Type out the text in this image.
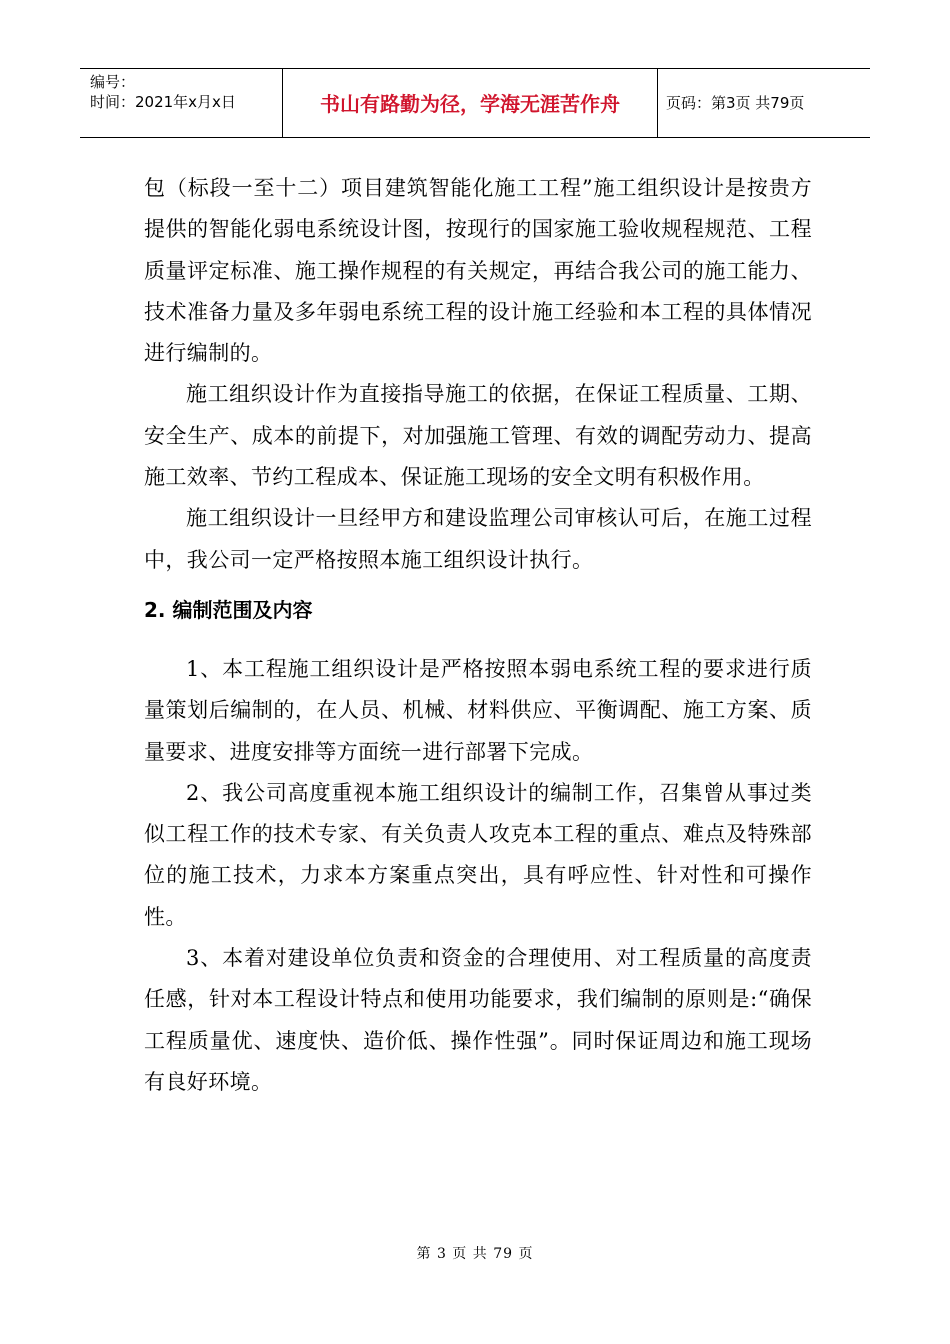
编号：
时间：2021年x月x日	书山有路勤为径，学海无涯苦作舟	页码：第3页 共79页

包（标段一至十二）项目建筑智能化施工工程”施工组织设计是按贵方提供的智能化弱电系统设计图，按现行的国家施工验收规程规范、工程质量评定标准、施工操作规程的有关规定，再结合我公司的施工能力、技术准备力量及多年弱电系统工程的设计施工经验和本工程的具体情况进行编制的。

施工组织设计作为直接指导施工的依据，在保证工程质量、工期、安全生产、成本的前提下，对加强施工管理、有效的调配劳动力、提高施工效率、节约工程成本、保证施工现场的安全文明有积极作用。

施工组织设计一旦经甲方和建设监理公司审核认可后，在施工过程中，我公司一定严格按照本施工组织设计执行。

2. 编制范围及内容

1、本工程施工组织设计是严格按照本弱电系统工程的要求进行质量策划后编制的，在人员、机械、材料供应、平衡调配、施工方案、质量要求、进度安排等方面统一进行部署下完成。

2、我公司高度重视本施工组织设计的编制工作，召集曾从事过类似工程工作的技术专家、有关负责人攻克本工程的重点、难点及特殊部位的施工技术，力求本方案重点突出，具有呼应性、针对性和可操作性。

3、本着对建设单位负责和资金的合理使用、对工程质量的高度责任感，针对本工程设计特点和使用功能要求，我们编制的原则是:“确保工程质量优、速度快、造价低、操作性强”。同时保证周边和施工现场有良好环境。

第 3 页 共 79 页
